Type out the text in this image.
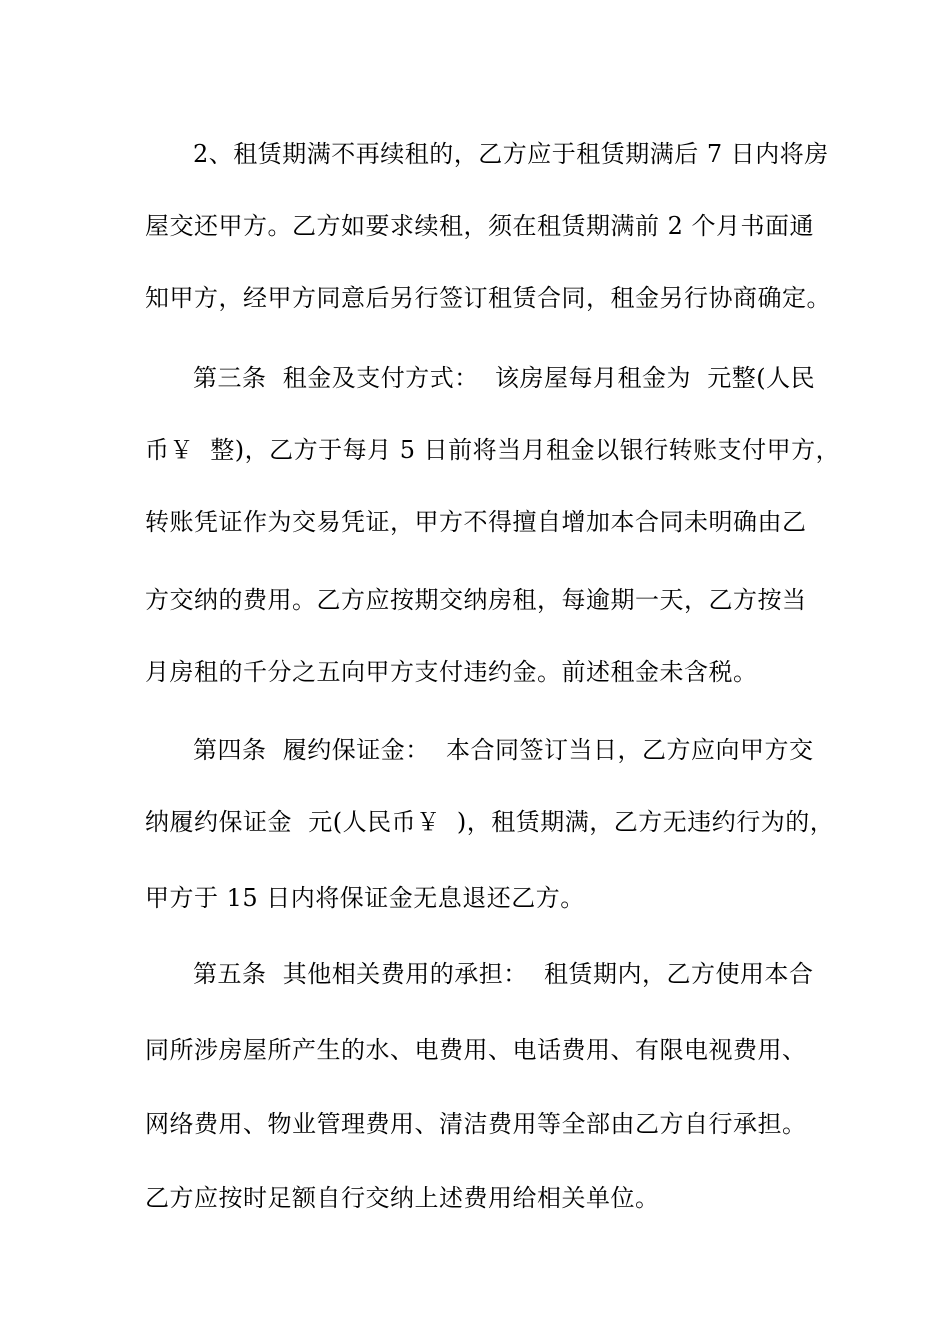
2、租赁期满不再续租的，乙方应于租赁期满后 7 日内将房
屋交还甲方。乙方如要求续租，须在租赁期满前 2 个月书面通
知甲方，经甲方同意后另行签订租赁合同，租金另行协商确定。
第三条  租金及支付方式：  该房屋每月租金为  元整(人民
币￥  整)，乙方于每月 5 日前将当月租金以银行转账支付甲方，
转账凭证作为交易凭证，甲方不得擅自增加本合同未明确由乙
方交纳的费用。乙方应按期交纳房租，每逾期一天，乙方按当
月房租的千分之五向甲方支付违约金。前述租金未含税。
第四条  履约保证金：  本合同签订当日，乙方应向甲方交
纳履约保证金  元(人民币￥  )，租赁期满，乙方无违约行为的，
甲方于 15 日内将保证金无息退还乙方。
第五条  其他相关费用的承担：  租赁期内，乙方使用本合
同所涉房屋所产生的水、电费用、电话费用、有限电视费用、
网络费用、物业管理费用、清洁费用等全部由乙方自行承担。
乙方应按时足额自行交纳上述费用给相关单位。
